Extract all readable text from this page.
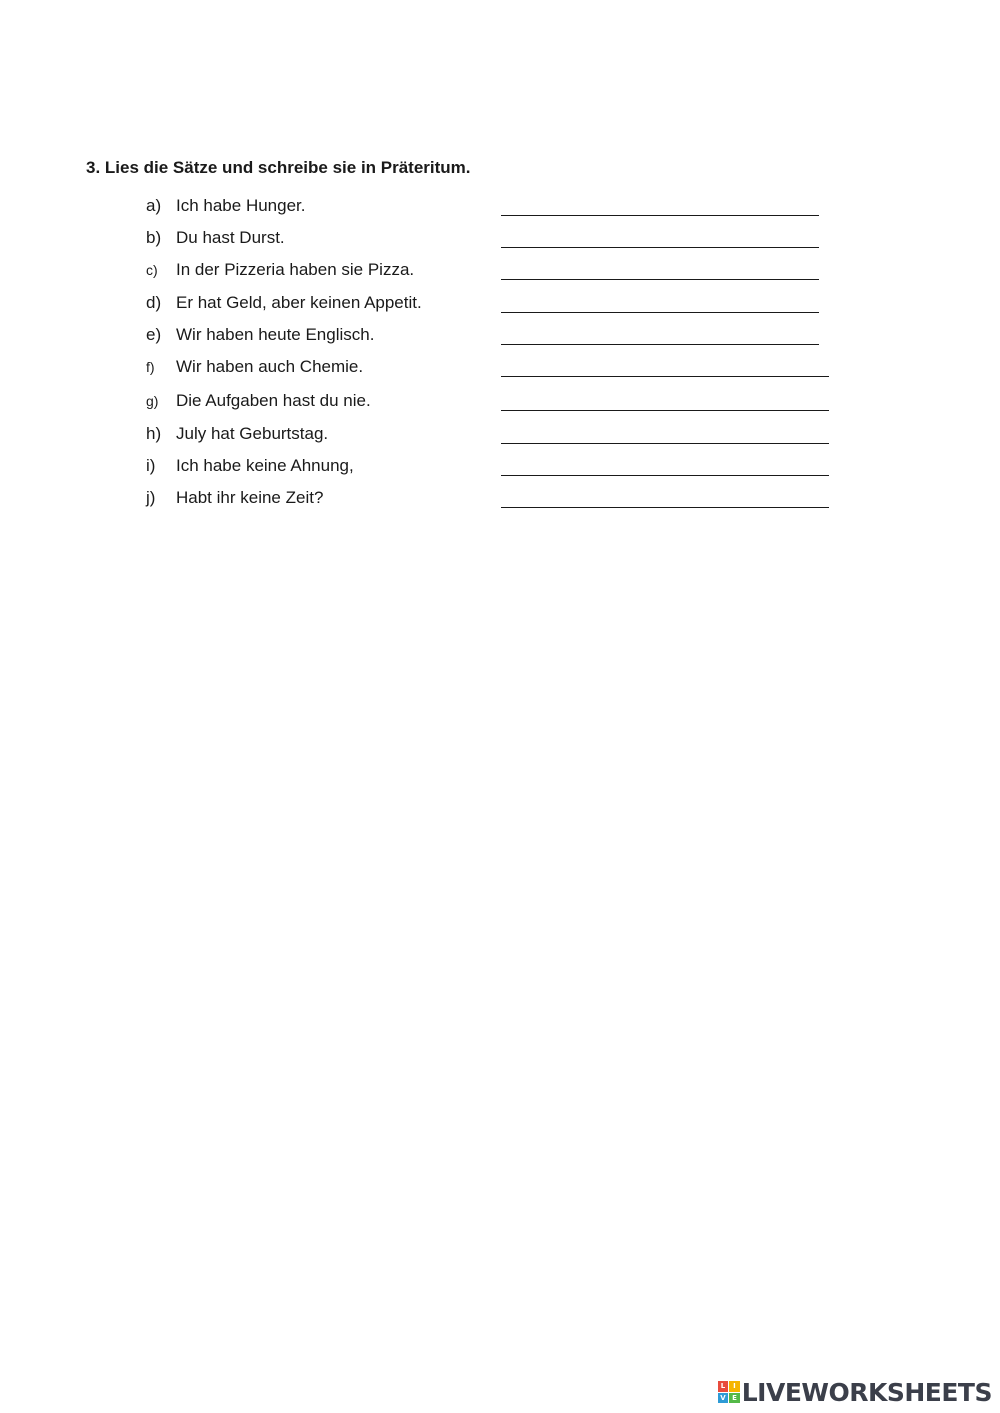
3. Lies die Sätze und schreibe sie in Präteritum.
a) Ich habe Hunger.
b) Du hast Durst.
c) In der Pizzeria haben sie Pizza.
d) Er hat Geld, aber keinen Appetit.
e) Wir haben heute Englisch.
f) Wir haben auch Chemie.
g) Die Aufgaben hast du nie.
h) July hat Geburtstag.
i) Ich habe keine Ahnung,
j) Habt ihr keine Zeit?
L	I
V E LIVEWORKSHEETS
